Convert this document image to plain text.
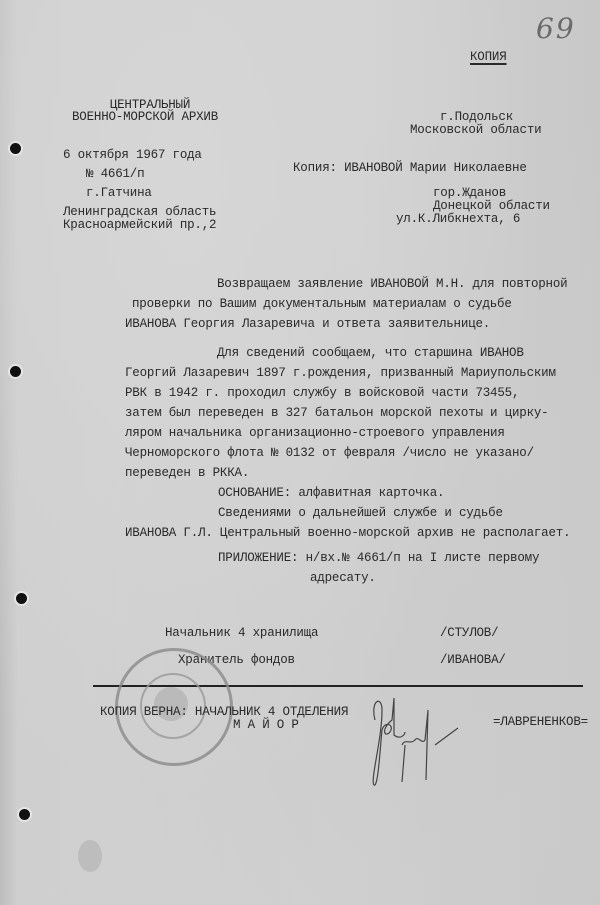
69
КОПИЯ
ЦЕНТРАЛЬНЫЙ
ВОЕННО-МОРСКОЙ АРХИВ
6 октября 1967 года
№ 4661/п
г.Гатчина
Ленинградская область
Красноармейский пр.,2
г.Подольск
Московской области
Копия: ИВАНОВОЙ Марии Николаевне
гор.Жданов
Донецкой области
ул.К.Либкнехта, 6
Возвращаем заявление ИВАНОВОЙ М.Н. для повторной
проверки по Вашим документальным материалам о судьбе
ИВАНОВА Георгия Лазаревича и ответа заявительнице.
Для сведений сообщаем, что старшина ИВАНОВ
Георгий Лазаревич 1897 г.рождения, призванный Мариупольским
РВК в 1942 г. проходил службу в войсковой части 73455,
затем был переведен в 327 батальон морской пехоты и цирку-
ляром начальника организационно-строевого управления
Черноморского флота № 0132 от февраля /число не указано/
переведен в РККА.
ОСНОВАНИЕ: алфавитная карточка.
Сведениями о дальнейшей службе и судьбе
ИВАНОВА Г.Л. Центральный военно-морской архив не располагает.
ПРИЛОЖЕНИЕ: н/вх.№ 4661/п на I листе первому
адресату.
Начальник 4 хранилища	/СТУЛОВ/
Хранитель фондов	/ИВАНОВА/
КОПИЯ ВЕРНА: НАЧАЛЬНИК 4 ОТДЕЛЕНИЯ
М А Й О Р	=ЛАВРЕНЕНКОВ=
